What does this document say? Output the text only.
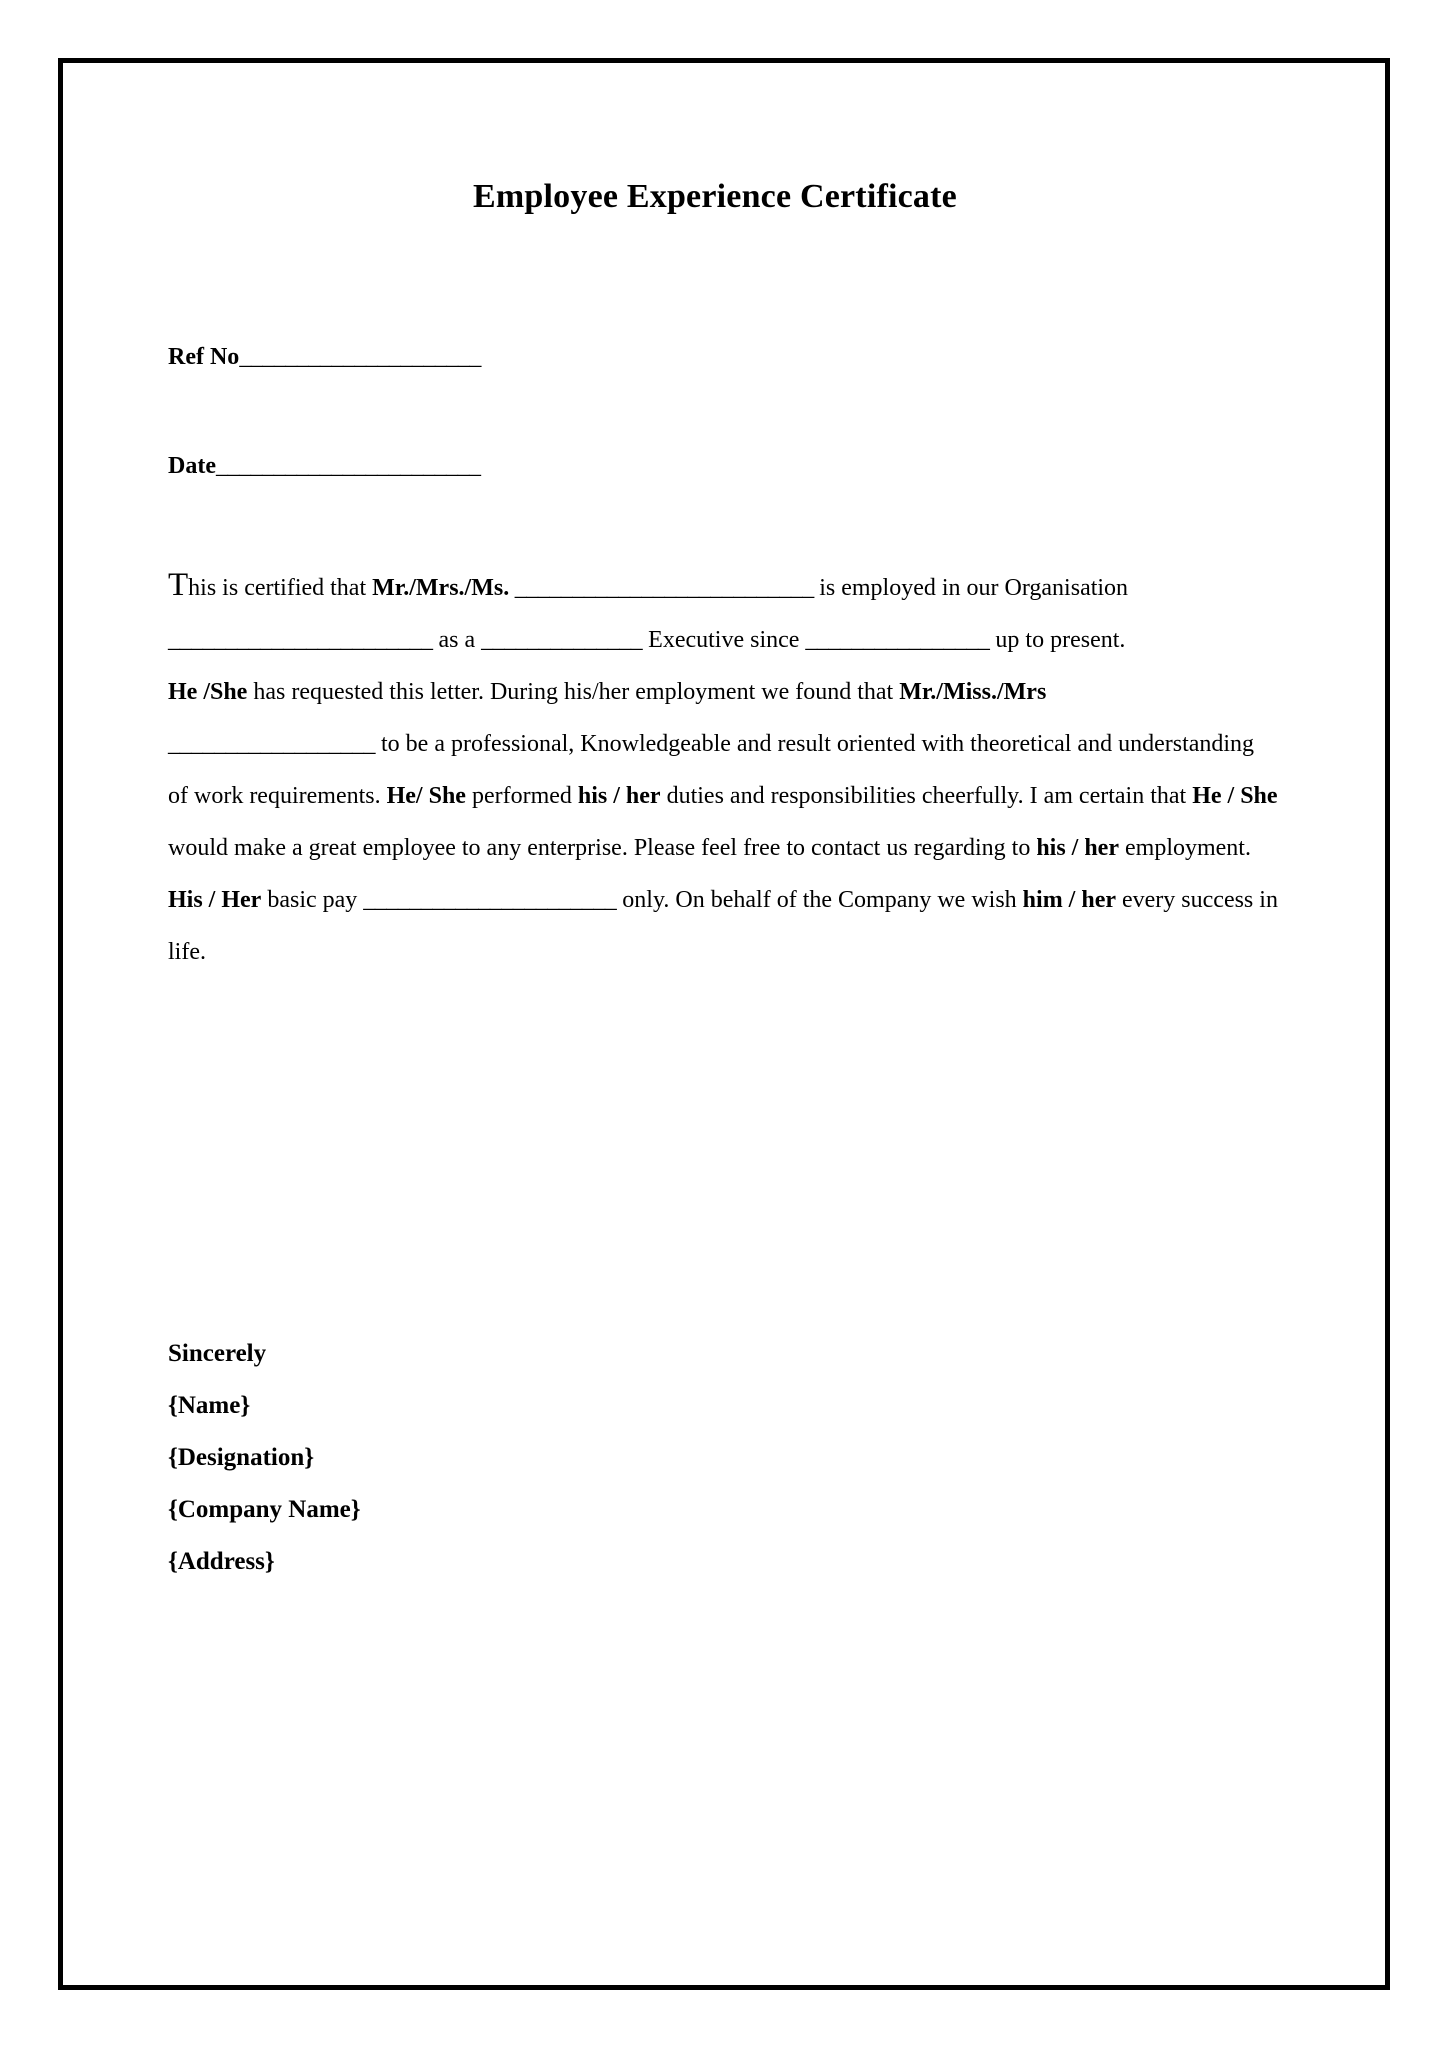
Employee Experience Certificate
Ref No_____________________
Date_______________________

This is certified that Mr./Mrs./Ms. __________________________ is employed in our Organisation
_______________________ as a ______________ Executive since ________________ up to present.
He /She has requested this letter. During his/her employment we found that Mr./Miss./Mrs
__________________ to be a professional, Knowledgeable and result oriented with theoretical and understanding of work requirements. He/ She performed his / her duties and responsibilities cheerfully. I am certain that He / She would make a great employee to any enterprise. Please feel free to contact us regarding to his / her employment. His / Her basic pay ______________________ only. On behalf of the Company we wish him / her every success in life.

Sincerely
{Name}
{Designation}
{Company Name}
{Address}
